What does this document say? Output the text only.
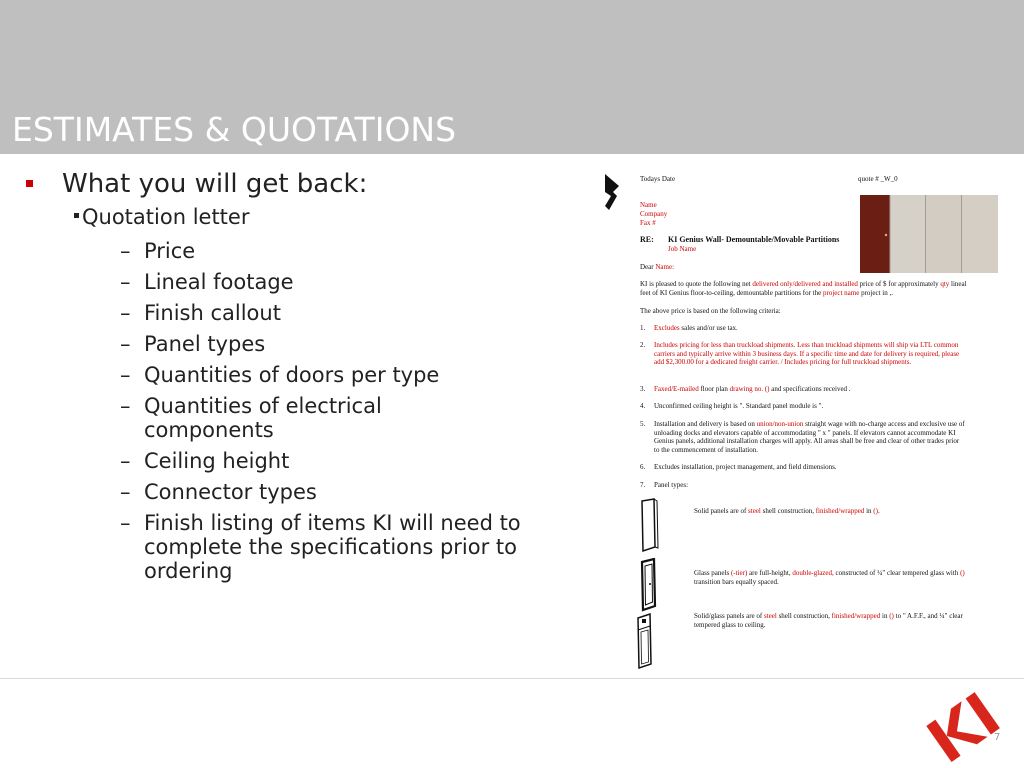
ESTIMATES & QUOTATIONS
What you will get back:
Quotation letter
– Price
– Lineal footage
– Finish callout
– Panel types
– Quantities of doors per type
– Quantities of electrical components
– Ceiling height
– Connector types
– Finish listing of items KI will need to complete the specifications prior to ordering
Todays Date	quote # _W_0
Name
Company
Fax #
RE: KI Genius Wall- Demountable/Movable Partitions
Job Name
Dear Name:
KI is pleased to quote the following net delivered only/delivered and installed price of $ for approximately qty lineal feet of KI Genius floor-to-ceiling, demountable partitions for the project name project in ,.
The above price is based on the following criteria:
1. Excludes sales and/or use tax.
2. Includes pricing for less than truckload shipments. Less than truckload shipments will ship via LTL common carriers and typically arrive within 3 business days. If a specific time and date for delivery is required, please add $2,300.00 for a dedicated freight carrier. / Includes pricing for full truckload shipments.
3. Faxed/E-mailed floor plan drawing no. () and specifications received .
4. Unconfirmed ceiling height is ". Standard panel module is ".
5. Installation and delivery is based on union/non-union straight wage with no-charge access and exclusive use of unloading docks and elevators capable of accommodating " x " panels. If elevators cannot accommodate KI Genius panels, additional installation charges will apply. All areas shall be free and clear of other trades prior to the commencement of installation.
6. Excludes installation, project management, and field dimensions.
7. Panel types:
Solid panels are of steel shell construction, finished/wrapped in ().
Glass panels (-tier) are full-height, double-glazed, constructed of ¼" clear tempered glass with () transition bars equally spaced.
Solid/glass panels are of steel shell construction, finished/wrapped in () to " A.F.F., and ¼" clear tempered glass to ceiling.
7
